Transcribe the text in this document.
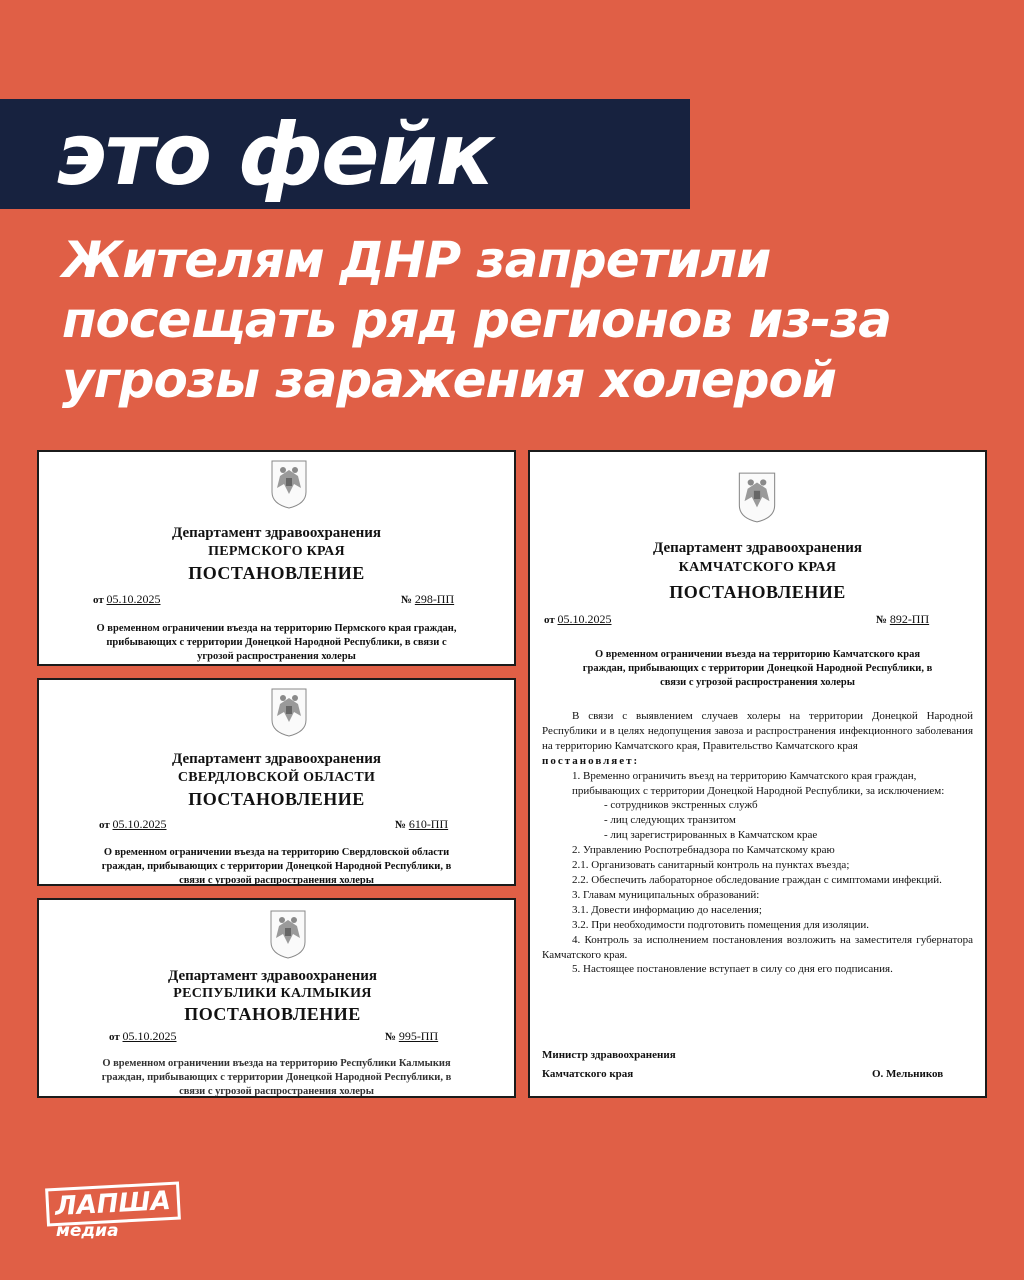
это фейк
Жителям ДНР запретили
посещать ряд регионов из-за
угрозы заражения холерой
Департамент здравоохранения
ПЕРМСКОГО КРАЯ
ПОСТАНОВЛЕНИЕ
от 05.10.2025	№ 298-ПП
О временном ограничении въезда на территорию Пермского края граждан,
прибывающих с территории Донецкой Народной Республики, в связи с
угрозой распространения холеры
Департамент здравоохранения
СВЕРДЛОВСКОЙ ОБЛАСТИ
ПОСТАНОВЛЕНИЕ
от 05.10.2025	№ 610-ПП
О временном ограничении въезда на территорию Свердловской области
граждан, прибывающих с территории Донецкой Народной Республики, в
связи с угрозой распространения холеры
Департамент здравоохранения
РЕСПУБЛИКИ КАЛМЫКИЯ
ПОСТАНОВЛЕНИЕ
от 05.10.2025	№ 995-ПП
О временном ограничении въезда на территорию Республики Калмыкия
граждан, прибывающих с территории Донецкой Народной Республики, в
связи с угрозой распространения холеры
Департамент здравоохранения
КАМЧАТСКОГО КРАЯ
ПОСТАНОВЛЕНИЕ
от 05.10.2025	№ 892-ПП
О временном ограничении въезда на территорию Камчатского края
граждан, прибывающих с территории Донецкой Народной Республики, в
связи с угрозой распространения холеры

В связи с выявлением случаев холеры на территории Донецкой Народной Республики и в целях недопущения завоза и распространения инфекционного заболевания на территорию Камчатского края, Правительство Камчатского края

постановляет:

1. Временно ограничить въезд на территорию Камчатского края граждан, прибывающих с территории Донецкой Народной Республики, за исключением:

- сотрудников экстренных служб

- лиц следующих транзитом

- лиц зарегистрированных в Камчатском крае

2. Управлению Роспотребнадзора по Камчатскому краю

2.1. Организовать санитарный контроль на пунктах въезда;

2.2. Обеспечить лабораторное обследование граждан с симптомами инфекций.

3. Главам муниципальных образований:

3.1. Довести информацию до населения;

3.2. При необходимости подготовить помещения для изоляции.

4. Контроль за исполнением постановления возложить на заместителя губернатора Камчатского края.

5. Настоящее постановление вступает в силу со дня его подписания.

Министр здравоохранения
Камчатского края	О. Мельников
ЛАПША
медиа
